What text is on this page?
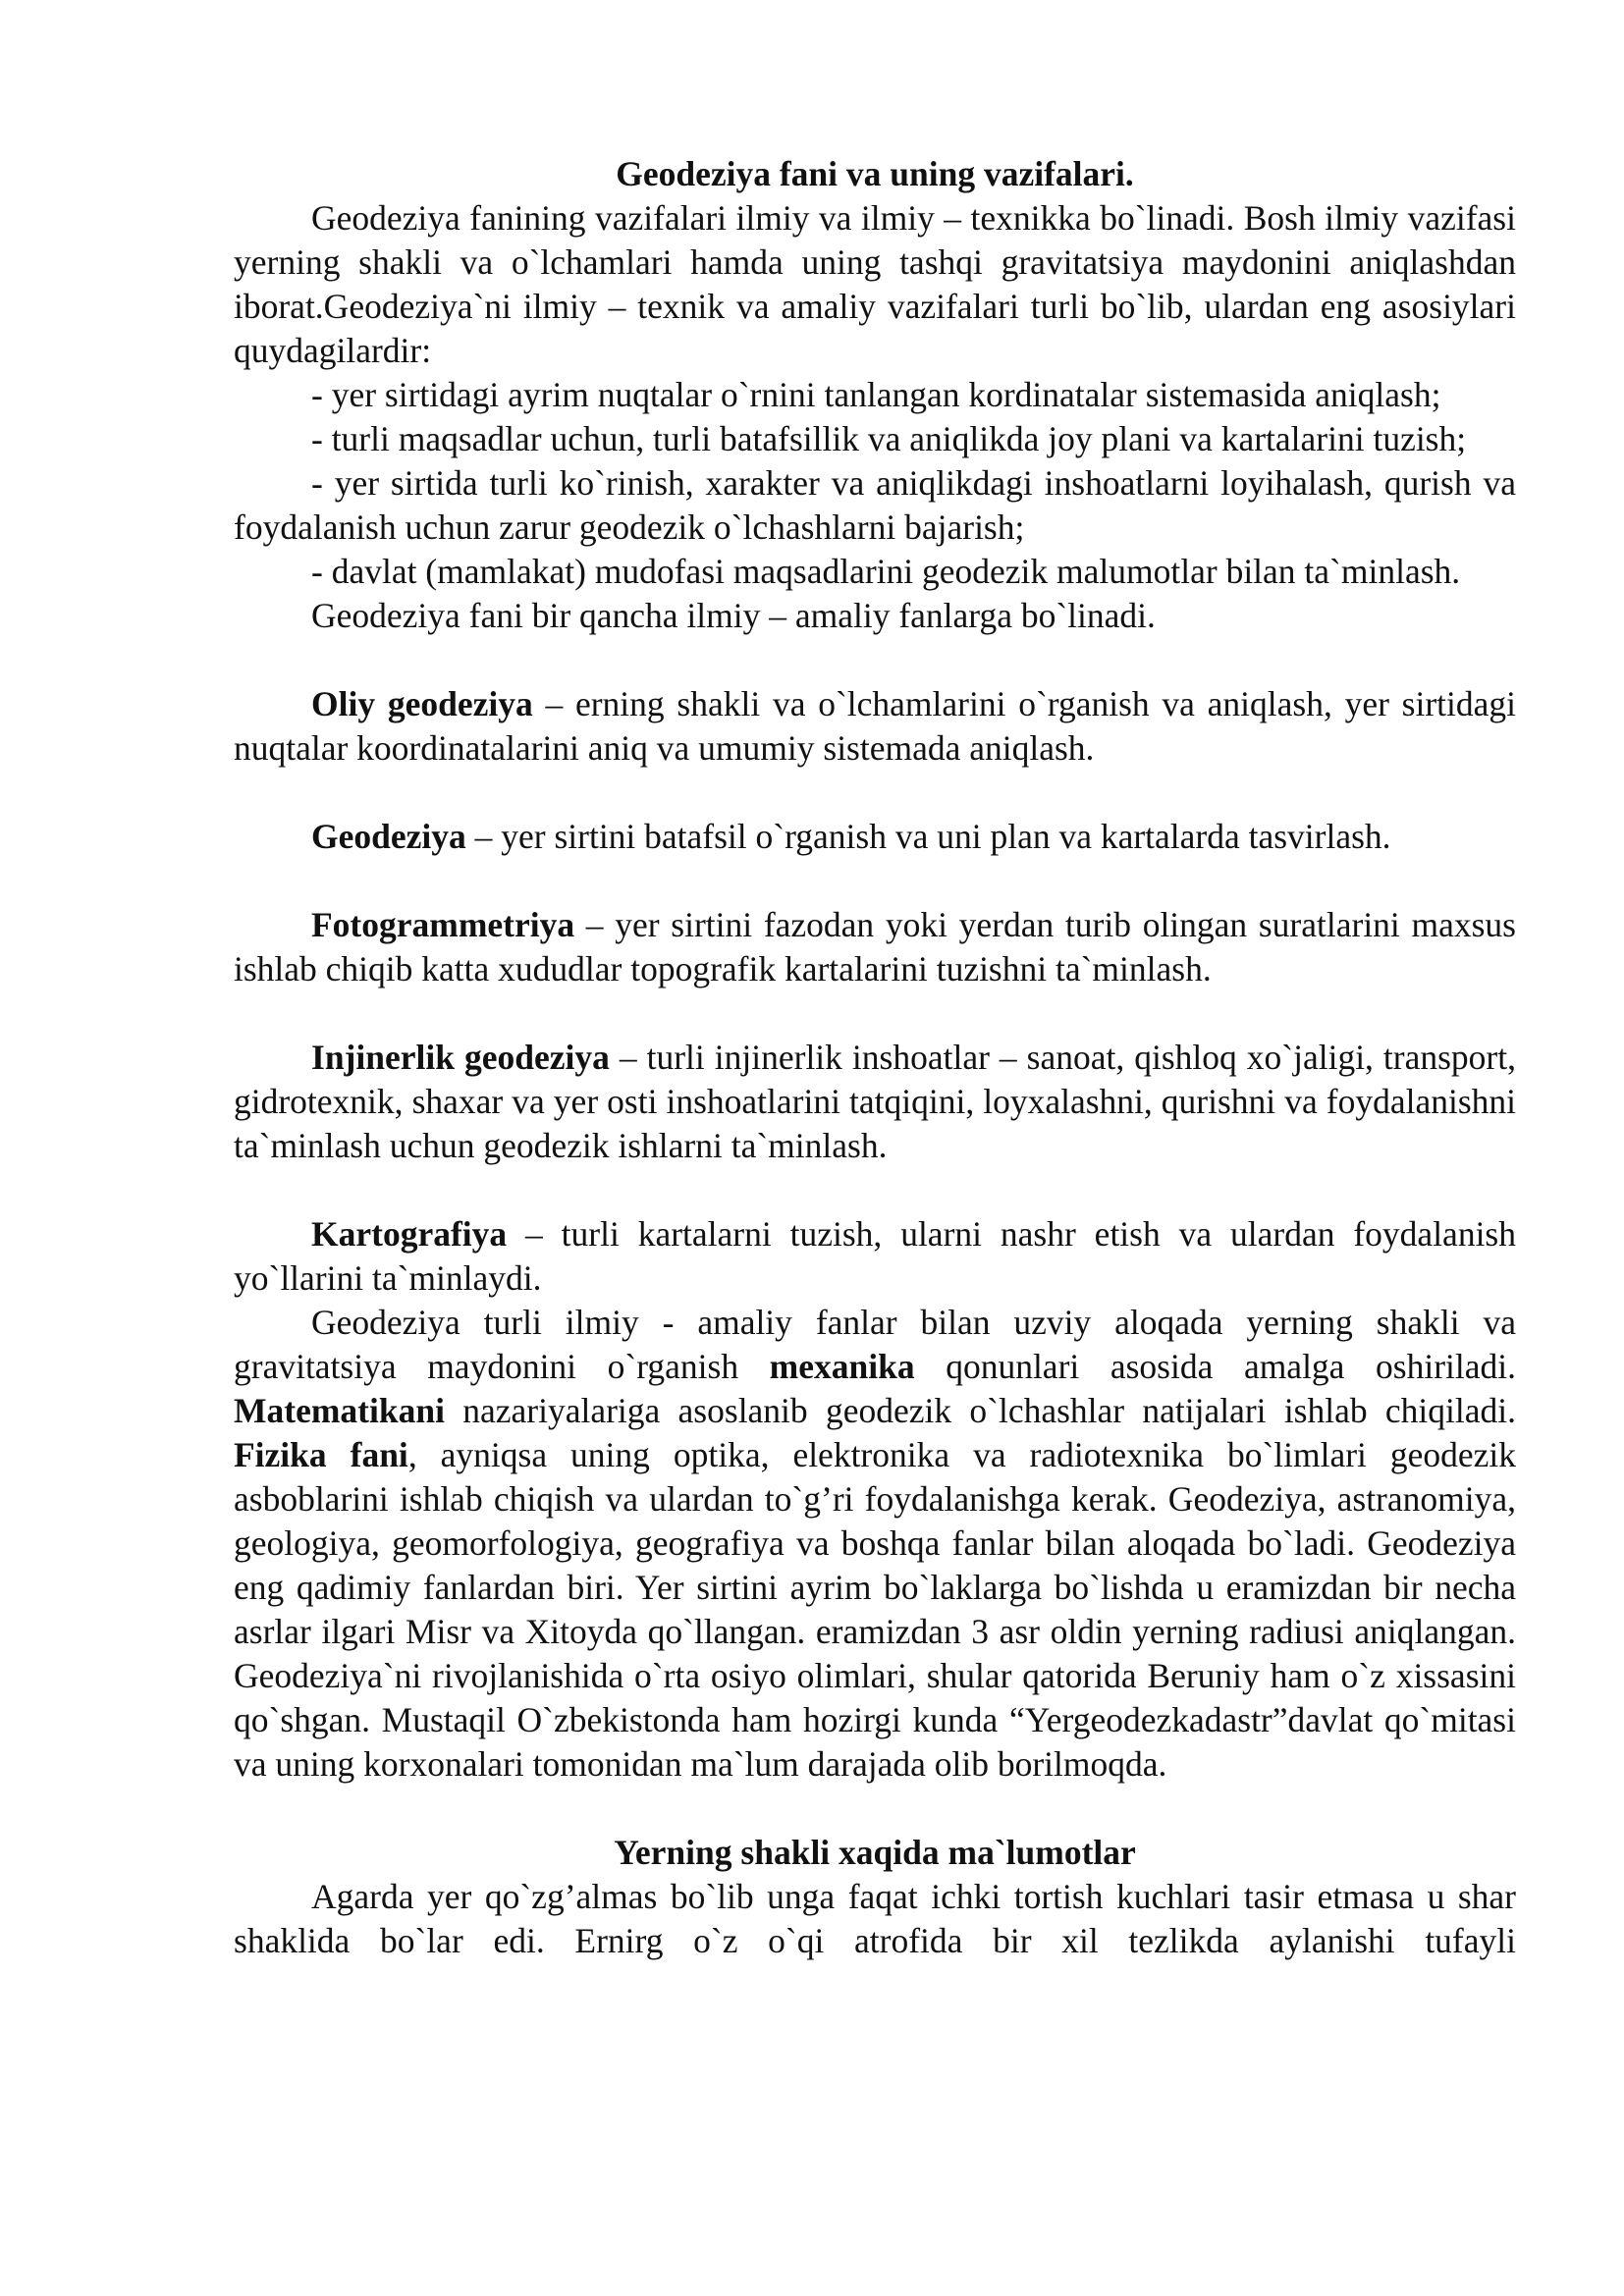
Geodeziya fani va uning vazifalari.

Geodeziya fanining vazifalari ilmiy va ilmiy – texnikka bo`linadi. Bosh ilmiy vazifasi yerning shakli va o`lchamlari hamda uning tashqi gravitatsiya maydonini aniqlashdan iborat.Geodeziya`ni ilmiy – texnik va amaliy vazifalari turli bo`lib, ulardan eng asosiylari quydagilardir:

- yer sirtidagi ayrim nuqtalar o`rnini tanlangan kordinatalar sistemasida aniqlash;

- turli maqsadlar uchun, turli batafsillik va aniqlikda joy plani va kartalarini tuzish;

- yer sirtida turli ko`rinish, xarakter va aniqlikdagi inshoatlarni loyihalash, qurish va foydalanish uchun zarur geodezik o`lchashlarni bajarish;

- davlat (mamlakat) mudofasi maqsadlarini geodezik malumotlar bilan ta`minlash.

Geodeziya fani bir qancha ilmiy – amaliy fanlarga bo`linadi.

Oliy geodeziya – erning shakli va o`lchamlarini o`rganish va aniqlash, yer sirtidagi nuqtalar koordinatalarini aniq va umumiy sistemada aniqlash.

Geodeziya – yer sirtini batafsil o`rganish va uni plan va kartalarda tasvirlash.

Fotogrammetriya – yer sirtini fazodan yoki yerdan turib olingan suratlarini maxsus ishlab chiqib katta xududlar topografik kartalarini tuzishni ta`minlash.

Injinerlik geodeziya – turli injinerlik inshoatlar – sanoat, qishloq xo`jaligi, transport, gidrotexnik, shaxar va yer osti inshoatlarini tatqiqini, loyxalashni, qurishni va foydalanishni ta`minlash uchun geodezik ishlarni ta`minlash.

Kartografiya – turli kartalarni tuzish, ularni nashr etish va ulardan foydalanish yo`llarini ta`minlaydi.

Geodeziya turli ilmiy - amaliy fanlar bilan uzviy aloqada yerning shakli va gravitatsiya maydonini o`rganish mexanika qonunlari asosida amalga oshiriladi. Matematikani nazariyalariga asoslanib geodezik o`lchashlar natijalari ishlab chiqiladi. Fizika fani, ayniqsa uning optika, elektronika va radiotexnika bo`limlari geodezik asboblarini ishlab chiqish va ulardan to`g’ri foydalanishga kerak. Geodeziya, astranomiya, geologiya, geomorfologiya, geografiya va boshqa fanlar bilan aloqada bo`ladi. Geodeziya eng qadimiy fanlardan biri. Yer sirtini ayrim bo`laklarga bo`lishda u eramizdan bir necha asrlar ilgari Misr va Xitoyda qo`llangan. eramizdan 3 asr oldin yerning radiusi aniqlangan. Geodeziya`ni rivojlanishida o`rta osiyo olimlari, shular qatorida Beruniy ham o`z xissasini qo`shgan. Mustaqil O`zbekistonda ham hozirgi kunda “Yergeodezkadastr”davlat qo`mitasi va uning korxonalari tomonidan ma`lum darajada olib borilmoqda.

Yerning shakli xaqida ma`lumotlar

Agarda yer qo`zg’almas bo`lib unga faqat ichki tortish kuchlari tasir etmasa u shar shaklida bo`lar edi. Ernirg o`z o`qi atrofida bir xil tezlikda aylanishi tufayli
